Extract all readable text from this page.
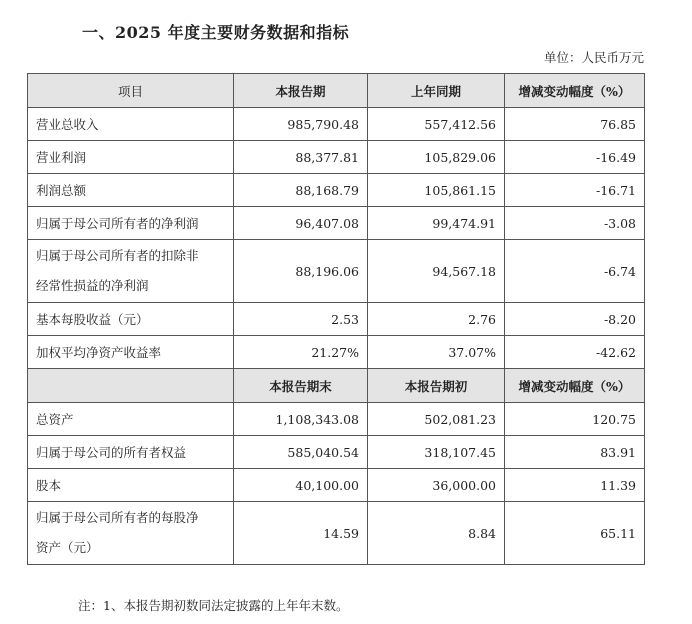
一、2025 年度主要财务数据和指标
单位：人民币万元
项目	本报告期	上年同期	增减变动幅度（%）
营业总收入	985,790.48	557,412.56	76.85
营业利润	88,377.81	105,829.06	-16.49
利润总额	88,168.79	105,861.15	-16.71
归属于母公司所有者的净利润	96,407.08	99,474.91	-3.08

归属于母公司所有者的扣除非
经常性损益的净利润	88,196.06	94,567.18	-6.74
基本每股收益（元）	2.53	2.76	-8.20
加权平均净资产收益率	21.27%	37.07%	-42.62
	本报告期末	本报告期初	增减变动幅度（%）
总资产	1,108,343.08	502,081.23	120.75
归属于母公司的所有者权益	585,040.54	318,107.45	83.91
股本	40,100.00	36,000.00	11.39

归属于母公司所有者的每股净
资产（元）	14.59	8.84	65.11
注：1、本报告期初数同法定披露的上年年末数。
